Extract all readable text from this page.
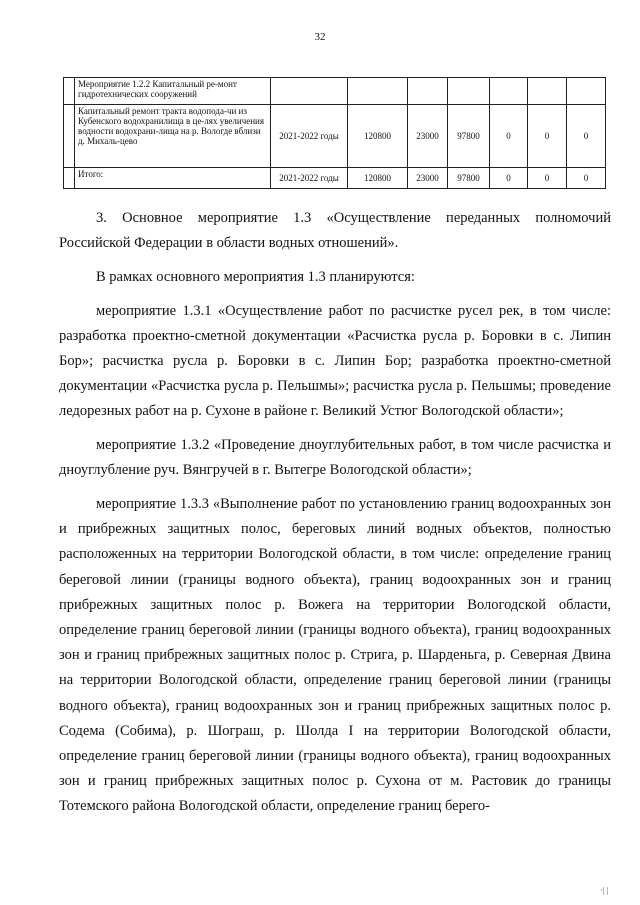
32
	Мероприятие 1.2.2 Капитальный ре-монт гидротехнических сооружений							
	Капитальный ремонт тракта водопода-чи из Кубенского водохранилища в це-лях увеличения водности водохрани-лища на р. Вологде вблизи д. Михаль-цево	2021-2022 годы	120800	23000	97800	0	0	0
	Итого:	2021-2022 годы	120800	23000	97800	0	0	0

3. Основное мероприятие 1.3 «Осуществление переданных полномочий Российской Федерации в области водных отношений».

В рамках основного мероприятия 1.3 планируются:

мероприятие 1.3.1 «Осуществление работ по расчистке русел рек, в том числе: разработка проектно-сметной документации «Расчистка русла р. Боровки в с. Липин Бор»; расчистка русла р. Боровки в с. Липин Бор; разработка проектно-сметной документации «Расчистка русла р. Пельшмы»; расчистка русла р. Пельшмы; проведение ледорезных работ на р. Сухоне в районе г. Великий Устюг Вологодской области»;

мероприятие 1.3.2 «Проведение дноуглубительных работ, в том числе расчистка и дноуглубление руч. Вянгручей в г. Вытегре Вологодской области»;

мероприятие 1.3.3 «Выполнение работ по установлению границ водоохранных зон и прибрежных защитных полос, береговых линий водных объектов, полностью расположенных на территории Вологодской области, в том числе: определение границ береговой линии (границы водного объекта), границ водоохранных зон и границ прибрежных защитных полос р. Вожега на территории Вологодской области, определение границ береговой линии (границы водного объекта), границ водоохранных зон и границ прибрежных защитных полос р. Стрига, р. Шарденьга, р. Северная Двина на территории Вологодской области, определение границ береговой линии (границы водного объекта), границ водоохранных зон и границ прибрежных защитных полос р. Содема (Собима), р. Шограш, р. Шолда I на территории Вологодской области, определение границ береговой линии (границы водного объекта), границ водоохранных зон и границ прибрежных защитных полос р. Сухона от м. Растовик до границы Тотемского района Вологодской области, определение границ берего-

·| |
